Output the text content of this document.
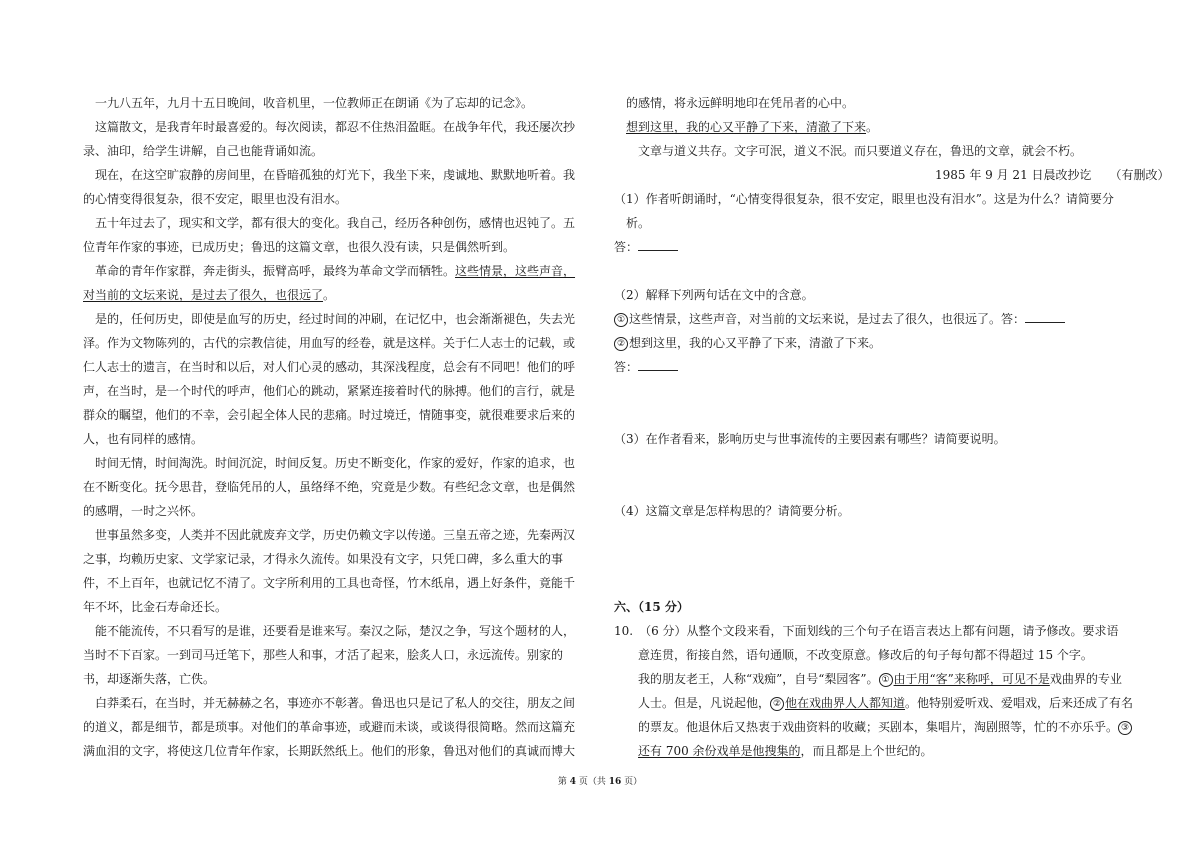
一九八五年，九月十五日晚间，收音机里，一位教师正在朗诵《为了忘却的记念》。

这篇散文，是我青年时最喜爱的。每次阅读，都忍不住热泪盈眶。在战争年代，我还屡次抄

录、油印，给学生讲解，自己也能背诵如流。

现在，在这空旷寂静的房间里，在昏暗孤独的灯光下，我坐下来，虔诚地、默默地听着。我

的心情变得很复杂，很不安定，眼里也没有泪水。

五十年过去了，现实和文学，都有很大的变化。我自己，经历各种创伤，感情也迟钝了。五

位青年作家的事迹，已成历史；鲁迅的这篇文章，也很久没有读，只是偶然听到。

革命的青年作家群，奔走街头，振臂高呼，最终为革命文学而牺牲。这些情景，这些声音，

对当前的文坛来说，是过去了很久，也很远了。

是的，任何历史，即使是血写的历史，经过时间的冲刷，在记忆中，也会渐渐褪色，失去光

泽。作为文物陈列的，古代的宗教信徒，用血写的经卷，就是这样。关于仁人志士的记载，或

仁人志士的遗言，在当时和以后，对人们心灵的感动，其深浅程度，总会有不同吧！他们的呼

声，在当时，是一个时代的呼声，他们心的跳动，紧紧连接着时代的脉搏。他们的言行，就是

群众的瞩望，他们的不幸，会引起全体人民的悲痛。时过境迁，情随事变，就很难要求后来的

人，也有同样的感情。

时间无情，时间淘洗。时间沉淀，时间反复。历史不断变化，作家的爱好，作家的追求，也

在不断变化。抚今思昔，登临凭吊的人，虽络绎不绝，究竟是少数。有些纪念文章，也是偶然

的感喟，一时之兴怀。

世事虽然多变，人类并不因此就废弃文学，历史仍赖文字以传递。三皇五帝之迹，先秦两汉

之事，均赖历史家、文学家记录，才得永久流传。如果没有文字，只凭口碑，多么重大的事

件，不上百年，也就记忆不清了。文字所利用的工具也奇怪，竹木纸帛，遇上好条件，竟能千

年不坏，比金石寿命还长。

能不能流传，不只看写的是谁，还要看是谁来写。秦汉之际，楚汉之争，写这个题材的人，

当时不下百家。一到司马迁笔下，那些人和事，才活了起来，脍炙人口，永远流传。别家的

书，却逐渐失落，亡佚。

白莽柔石，在当时，并无赫赫之名，事迹亦不彰著。鲁迅也只是记了私人的交往，朋友之间

的道义，都是细节，都是琐事。对他们的革命事迹，或避而未谈，或谈得很简略。然而这篇充

满血泪的文字，将使这几位青年作家，长期跃然纸上。他们的形象，鲁迅对他们的真诚而博大

的感情，将永远鲜明地印在凭吊者的心中。

想到这里，我的心又平静了下来，清澈了下来。

文章与道义共存。文字可泯，道义不泯。而只要道义存在，鲁迅的文章，就会不朽。

1985 年 9 月 21 日晨改抄讫　　（有删改）

（1）作者听朗诵时，“心情变得很复杂，很不安定，眼里也没有泪水”。这是为什么？请简要分

析。

答：

（2）解释下列两句话在文中的含意。

① 这些情景，这些声音，对当前的文坛来说，是过去了很久，也很远了。答：

② 想到这里，我的心又平静了下来，清澈了下来。

答：

（3）在作者看来，影响历史与世事流传的主要因素有哪些？请简要说明。

（4）这篇文章是怎样构思的？请简要分析。

六、（15 分）

10.　（6 分）从整个文段来看，下面划线的三个句子在语言表达上都有问题，请予修改。要求语

意连贯，衔接自然，语句通顺，不改变原意。修改后的句子每句都不得超过 15 个字。

我的朋友老王，人称“戏痴”，自号“梨园客”。 ① 由于用“客”来称呼，可见不是戏曲界的专业

人士。但是，凡说起他， ② 他在戏曲界人人都知道。他特别爱听戏、爱唱戏，后来还成了有名

的票友。他退休后又热衷于戏曲资料的收藏；买剧本，集唱片，淘剧照等，忙的不亦乐乎。 ③

还有 700 余份戏单是他搜集的，而且都是上个世纪的。

第 4 页（共 16 页）
